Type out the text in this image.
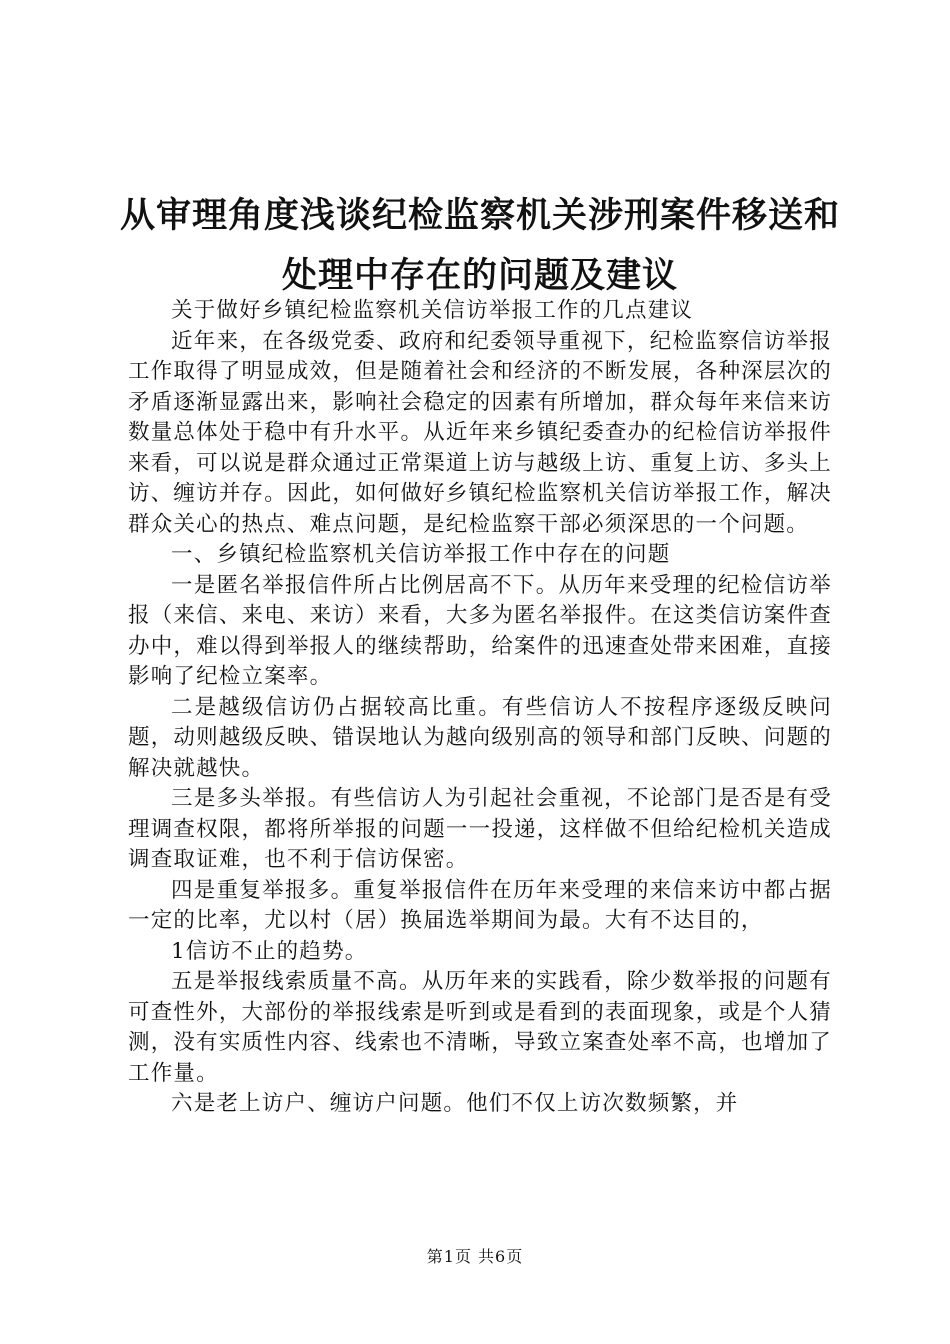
从审理角度浅谈纪检监察机关涉刑案件移送和
处理中存在的问题及建议

关于做好乡镇纪检监察机关信访举报工作的几点建议

近年来，在各级党委、政府和纪委领导重视下，纪检监察信访举报工作取得了明显成效，但是随着社会和经济的不断发展，各种深层次的矛盾逐渐显露出来，影响社会稳定的因素有所增加，群众每年来信来访数量总体处于稳中有升水平。从近年来乡镇纪委查办的纪检信访举报件来看，可以说是群众通过正常渠道上访与越级上访、重复上访、多头上访、缠访并存。因此，如何做好乡镇纪检监察机关信访举报工作，解决群众关心的热点、难点问题，是纪检监察干部必须深思的一个问题。

一、乡镇纪检监察机关信访举报工作中存在的问题

一是匿名举报信件所占比例居高不下。从历年来受理的纪检信访举报（来信、来电、来访）来看，大多为匿名举报件。在这类信访案件查办中，难以得到举报人的继续帮助，给案件的迅速查处带来困难，直接影响了纪检立案率。

二是越级信访仍占据较高比重。有些信访人不按程序逐级反映问题，动则越级反映、错误地认为越向级别高的领导和部门反映、问题的解决就越快。

三是多头举报。有些信访人为引起社会重视，不论部门是否是有受理调查权限，都将所举报的问题一一投递，这样做不但给纪检机关造成调查取证难，也不利于信访保密。

四是重复举报多。重复举报信件在历年来受理的来信来访中都占据一定的比率，尤以村（居）换届选举期间为最。大有不达目的，

1信访不止的趋势。

五是举报线索质量不高。从历年来的实践看，除少数举报的问题有可查性外，大部份的举报线索是听到或是看到的表面现象，或是个人猜测，没有实质性内容、线索也不清晰，导致立案查处率不高，也增加了工作量。

六是老上访户、缠访户问题。他们不仅上访次数频繁，并

第1页 共6页
